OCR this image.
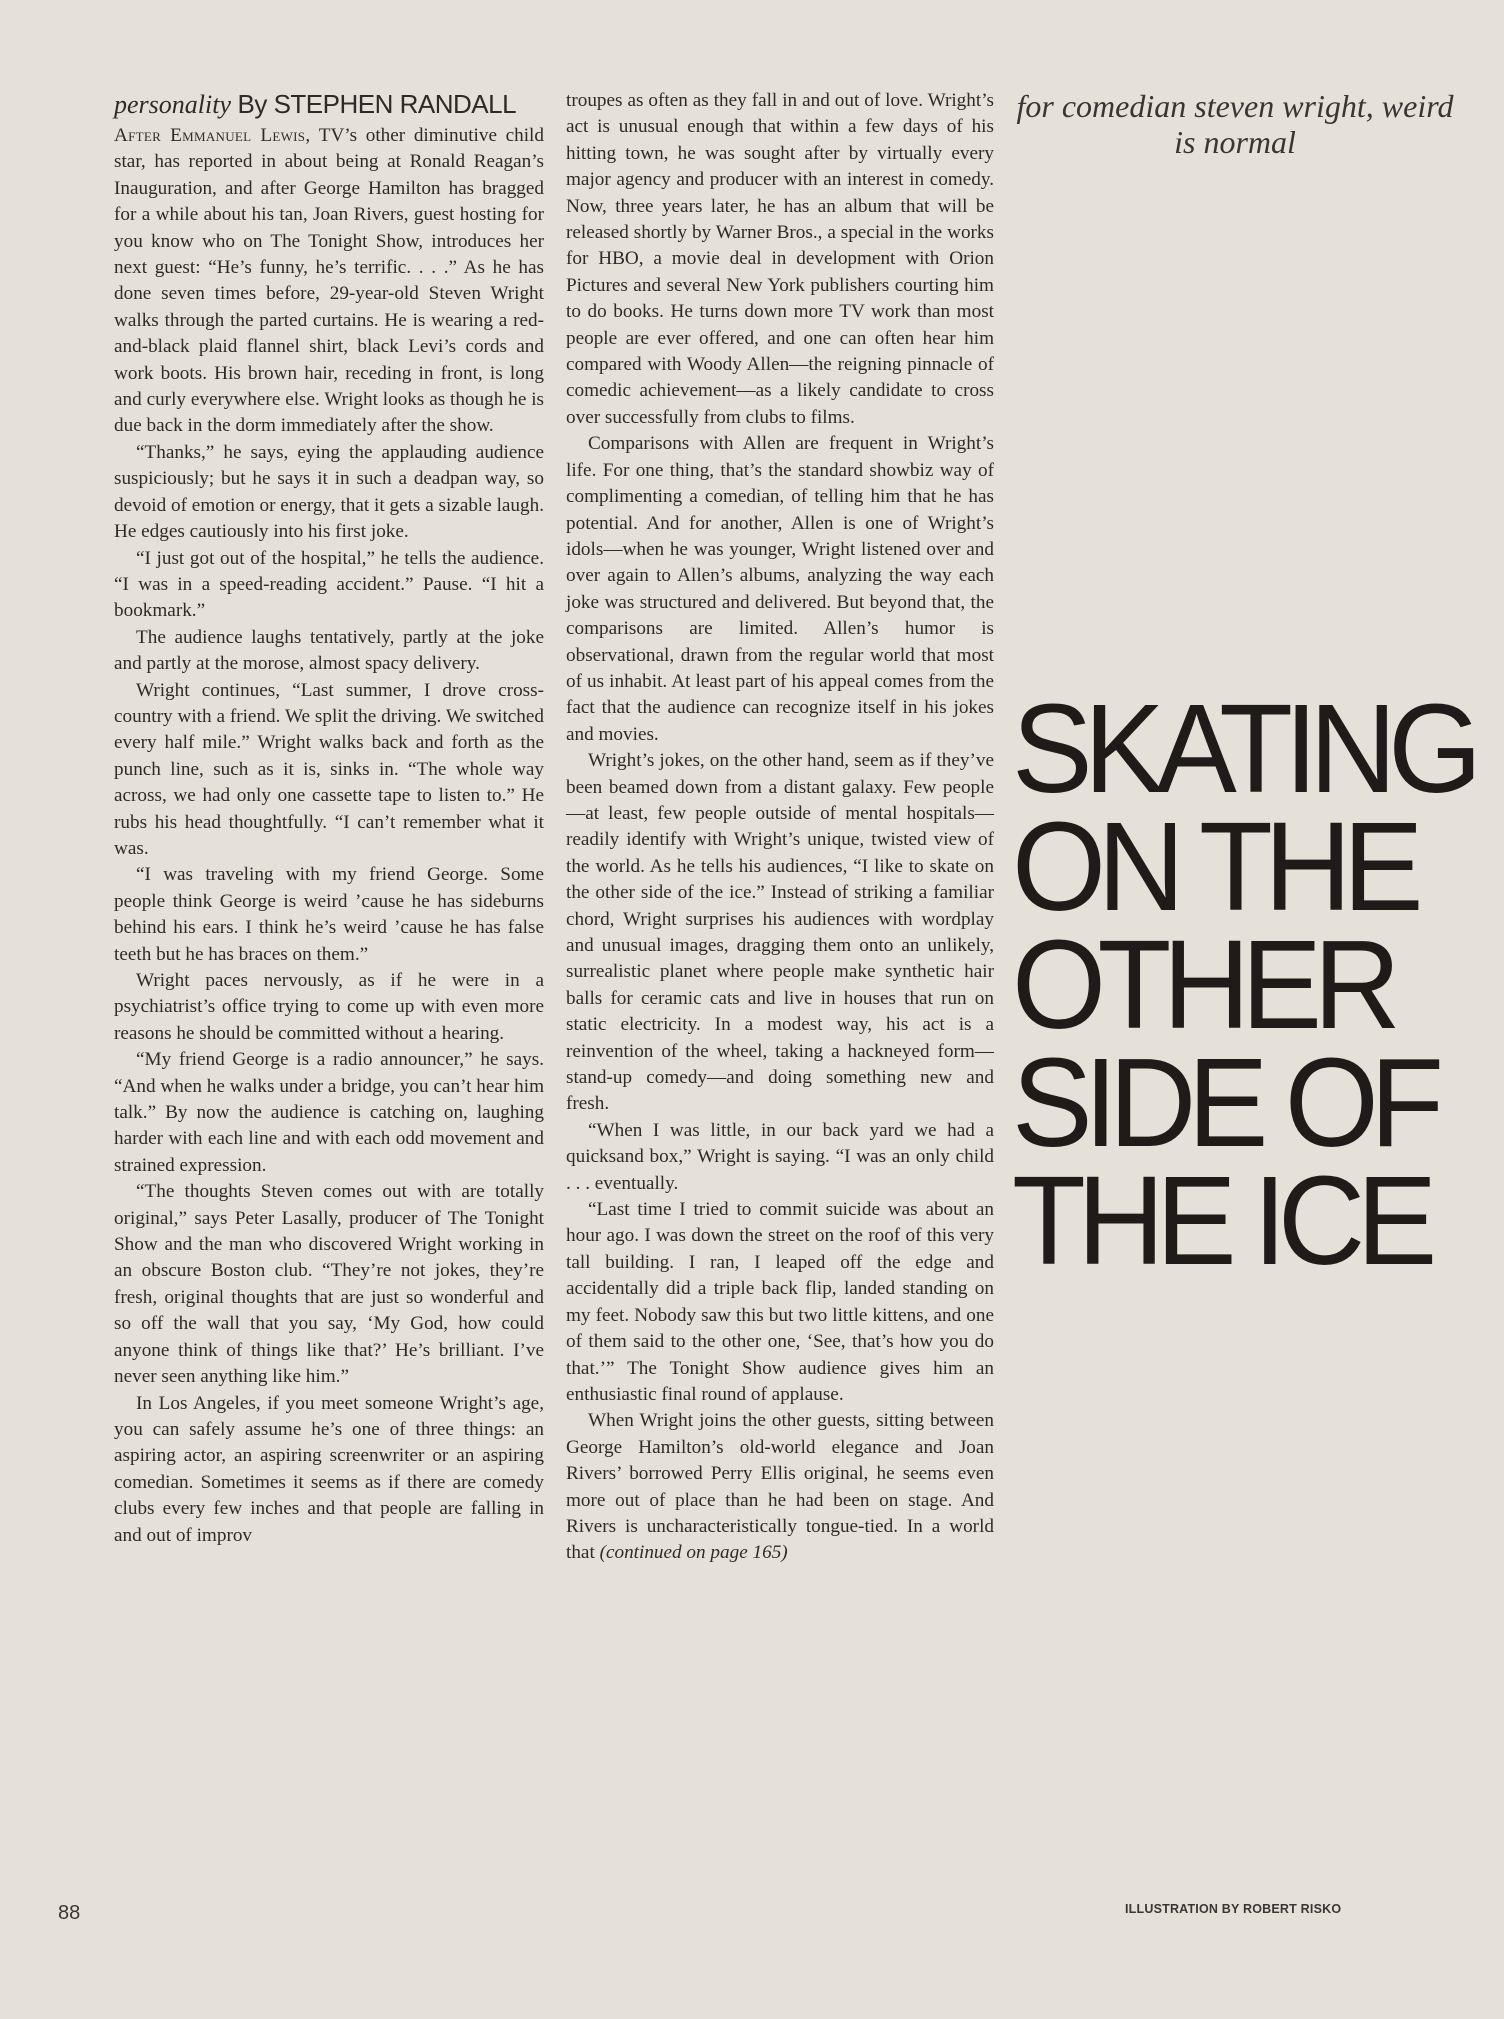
personality By STEPHEN RANDALL

After Emmanuel Lewis, TV’s other diminutive child star, has reported in about being at Ronald Reagan’s Inauguration, and after George Hamilton has bragged for a while about his tan, Joan Rivers, guest hosting for you know who on The Tonight Show, introduces her next guest: “He’s funny, he’s terrific. . . .” As he has done seven times before, 29-year-old Steven Wright walks through the parted curtains. He is wearing a red-and-black plaid flannel shirt, black Levi’s cords and work boots. His brown hair, receding in front, is long and curly everywhere else. Wright looks as though he is due back in the dorm immediately after the show.

“Thanks,” he says, eying the applauding audience suspiciously; but he says it in such a deadpan way, so devoid of emotion or energy, that it gets a sizable laugh. He edges cautiously into his first joke.

“I just got out of the hospital,” he tells the audience. “I was in a speed-reading accident.” Pause. “I hit a bookmark.”

The audience laughs tentatively, partly at the joke and partly at the morose, almost spacy delivery.

Wright continues, “Last summer, I drove cross-country with a friend. We split the driving. We switched every half mile.” Wright walks back and forth as the punch line, such as it is, sinks in. “The whole way across, we had only one cassette tape to listen to.” He rubs his head thoughtfully. “I can’t remember what it was.

“I was traveling with my friend George. Some people think George is weird ’cause he has sideburns behind his ears. I think he’s weird ’cause he has false teeth but he has braces on them.”

Wright paces nervously, as if he were in a psychiatrist’s office trying to come up with even more reasons he should be committed without a hearing.

“My friend George is a radio announcer,” he says. “And when he walks under a bridge, you can’t hear him talk.” By now the audience is catching on, laughing harder with each line and with each odd movement and strained expression.

“The thoughts Steven comes out with are totally original,” says Peter Lasally, producer of The Tonight Show and the man who discovered Wright working in an obscure Boston club. “They’re not jokes, they’re fresh, original thoughts that are just so wonderful and so off the wall that you say, ‘My God, how could anyone think of things like that?’ He’s brilliant. I’ve never seen anything like him.”

In Los Angeles, if you meet someone Wright’s age, you can safely assume he’s one of three things: an aspiring actor, an aspiring screenwriter or an aspiring comedian. Sometimes it seems as if there are comedy clubs every few inches and that people are falling in and out of improv

troupes as often as they fall in and out of love. Wright’s act is unusual enough that within a few days of his hitting town, he was sought after by virtually every major agency and producer with an interest in comedy. Now, three years later, he has an album that will be released shortly by Warner Bros., a special in the works for HBO, a movie deal in development with Orion Pictures and several New York publishers courting him to do books. He turns down more TV work than most people are ever offered, and one can often hear him compared with Woody Allen—the reigning pinnacle of comedic achievement—as a likely candidate to cross over successfully from clubs to films.

Comparisons with Allen are frequent in Wright’s life. For one thing, that’s the standard showbiz way of complimenting a comedian, of telling him that he has potential. And for another, Allen is one of Wright’s idols—when he was younger, Wright listened over and over again to Allen’s albums, analyzing the way each joke was structured and delivered. But beyond that, the comparisons are limited. Allen’s humor is observational, drawn from the regular world that most of us inhabit. At least part of his appeal comes from the fact that the audience can recognize itself in his jokes and movies.

Wright’s jokes, on the other hand, seem as if they’ve been beamed down from a distant galaxy. Few people—at least, few people outside of mental hospitals—readily identify with Wright’s unique, twisted view of the world. As he tells his audiences, “I like to skate on the other side of the ice.” Instead of striking a familiar chord, Wright surprises his audiences with wordplay and unusual images, dragging them onto an unlikely, surrealistic planet where people make synthetic hair balls for ceramic cats and live in houses that run on static electricity. In a modest way, his act is a reinvention of the wheel, taking a hackneyed form—stand-up comedy—and doing something new and fresh.

“When I was little, in our back yard we had a quicksand box,” Wright is saying. “I was an only child . . . eventually.

“Last time I tried to commit suicide was about an hour ago. I was down the street on the roof of this very tall building. I ran, I leaped off the edge and accidentally did a triple back flip, landed standing on my feet. Nobody saw this but two little kittens, and one of them said to the other one, ‘See, that’s how you do that.’” The Tonight Show audience gives him an enthusiastic final round of applause.

When Wright joins the other guests, sitting between George Hamilton’s old-world elegance and Joan Rivers’ borrowed Perry Ellis original, he seems even more out of place than he had been on stage. And Rivers is uncharacteristically tongue-tied. In a world that (continued on page 165)

for comedian steven wright, weird is normal
SKATING
ON THE
OTHER
SIDE OF
THE ICE
ILLUSTRATION BY ROBERT RISKO
88
